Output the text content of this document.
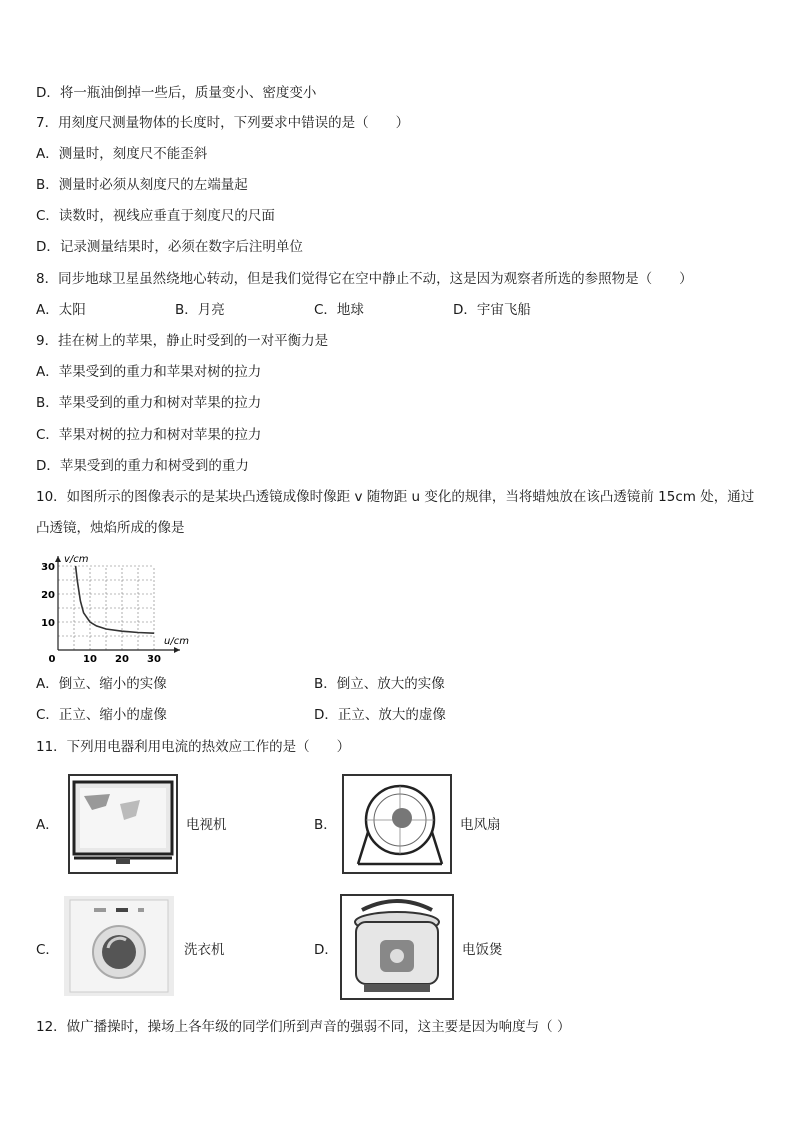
D．将一瓶油倒掉一些后，质量变小、密度变小
7．用刻度尺测量物体的长度时，下列要求中错误的是（　　）
A．测量时，刻度尺不能歪斜
B．测量时必须从刻度尺的左端量起
C．读数时，视线应垂直于刻度尺的尺面
D．记录测量结果时，必须在数字后注明单位
8．同步地球卫星虽然绕地心转动，但是我们觉得它在空中静止不动，这是因为观察者所选的参照物是（　　）
A．太阳	B．月亮	C．地球	D．宇宙飞船
9．挂在树上的苹果，静止时受到的一对平衡力是
A．苹果受到的重力和苹果对树的拉力
B．苹果受到的重力和树对苹果的拉力
C．苹果对树的拉力和树对苹果的拉力
D．苹果受到的重力和树受到的重力
10．如图所示的图像表示的是某块凸透镜成像时像距 v 随物距 u 变化的规律，当将蜡烛放在该凸透镜前 15cm 处，通过
凸透镜，烛焰所成的像是
0	10 20 30
10
20
30
v/cm
u/cm
A．倒立、缩小的实像	B．倒立、放大的实像
C．正立、缩小的虚像	D．正立、放大的虚像
11．下列用电器利用电流的热效应工作的是（　　）
A．	电视机	B．	电风扇
C．	洗衣机	D．	电饭煲
12．做广播操时，操场上各年级的同学们所到声音的强弱不同，这主要是因为响度与（ ）
